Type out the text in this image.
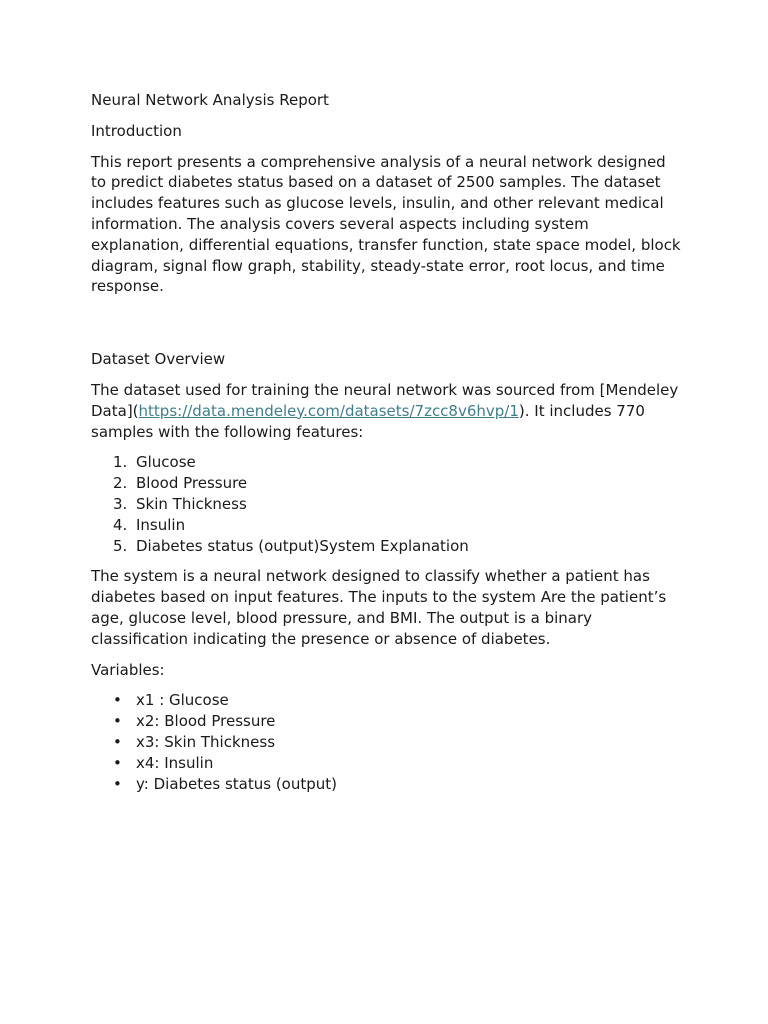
Neural Network Analysis Report

Introduction

This report presents a comprehensive analysis of a neural network designed to predict diabetes status based on a dataset of 2500 samples. The dataset includes features such as glucose levels, insulin, and other relevant medical information. The analysis covers several aspects including system explanation, differential equations, transfer function, state space model, block diagram, signal flow graph, stability, steady-state error, root locus, and time response.

Dataset Overview

The dataset used for training the neural network was sourced from [Mendeley Data](https://data.mendeley.com/datasets/7zcc8v6hvp/1). It includes 770 samples with the following features:

1. Glucose
2. Blood Pressure
3. Skin Thickness
4. Insulin
5. Diabetes status (output)System Explanation

The system is a neural network designed to classify whether a patient has diabetes based on input features. The inputs to the system Are the patient’s age, glucose level, blood pressure, and BMI. The output is a binary classification indicating the presence or absence of diabetes.

Variables:

• x1 : Glucose
• x2: Blood Pressure
• x3: Skin Thickness
• x4: Insulin
• y: Diabetes status (output)
